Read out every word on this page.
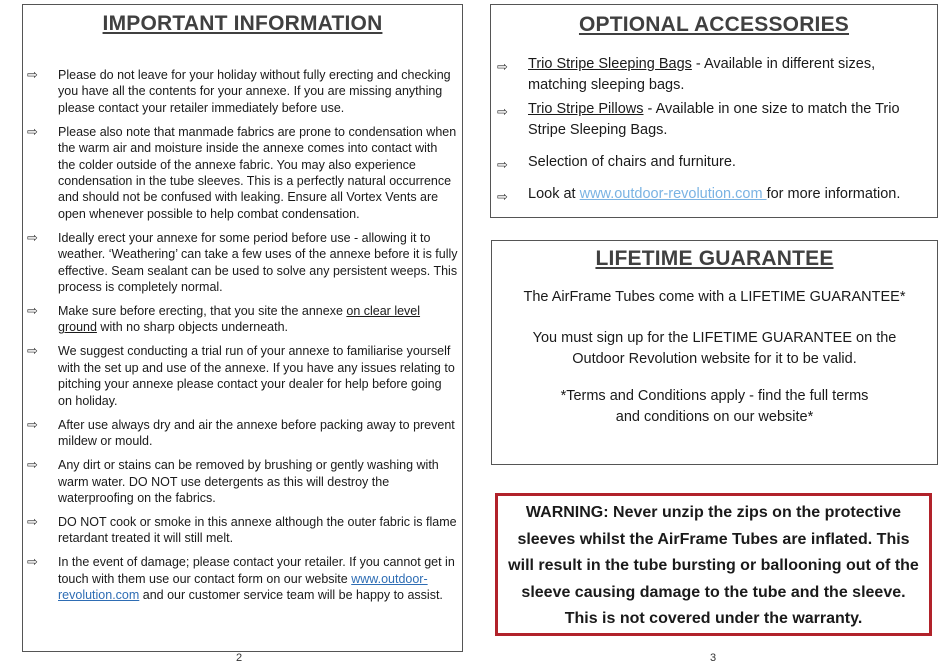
IMPORTANT INFORMATION
⇨ Please do not leave for your holiday without fully erecting and checking you have all the contents for your annexe. If you are missing anything please contact your retailer immediately before use.
⇨ Please also note that manmade fabrics are prone to condensation when the warm air and moisture inside the annexe comes into contact with the colder outside of the annexe fabric. You may also experience condensation in the tube sleeves. This is a perfectly natural occurrence and should not be confused with leaking. Ensure all Vortex Vents are open whenever possible to help combat condensation.
⇨ Ideally erect your annexe for some period before use - allowing it to weather. ‘Weathering’ can take a few uses of the annexe before it is fully effective. Seam sealant can be used to solve any persistent weeps. This process is completely normal.
⇨ Make sure before erecting, that you site the annexe on clear level ground with no sharp objects underneath.
⇨ We suggest conducting a trial run of your annexe to familiarise yourself with the set up and use of the annexe. If you have any issues relating to pitching your annexe please contact your dealer for help before going on holiday.
⇨ After use always dry and air the annexe before packing away to prevent mildew or mould.
⇨ Any dirt or stains can be removed by brushing or gently washing with warm water. DO NOT use detergents as this will destroy the waterproofing on the fabrics.
⇨ DO NOT cook or smoke in this annexe although the outer fabric is flame retardant treated it will still melt.
⇨ In the event of damage; please contact your retailer. If you cannot get in touch with them use our contact form on our website www.outdoor-revolution.com and our customer service team will be happy to assist.
2
OPTIONAL ACCESSORIES
⇨ Trio Stripe Sleeping Bags - Available in different sizes, matching sleeping bags.
⇨ Trio Stripe Pillows - Available in one size to match the Trio Stripe Sleeping Bags.
⇨ Selection of chairs and furniture.
⇨ Look at www.outdoor-revolution.com for more information.
LIFETIME GUARANTEE

The AirFrame Tubes come with a LIFETIME GUARANTEE*

You must sign up for the LIFETIME GUARANTEE on the Outdoor Revolution website for it to be valid.

*Terms and Conditions apply - find the full terms

and conditions on our website*

WARNING: Never unzip the zips on the protective sleeves whilst the AirFrame Tubes are inflated. This will result in the tube bursting or ballooning out of the sleeve causing damage to the tube and the sleeve. This is not covered under the warranty.

3
